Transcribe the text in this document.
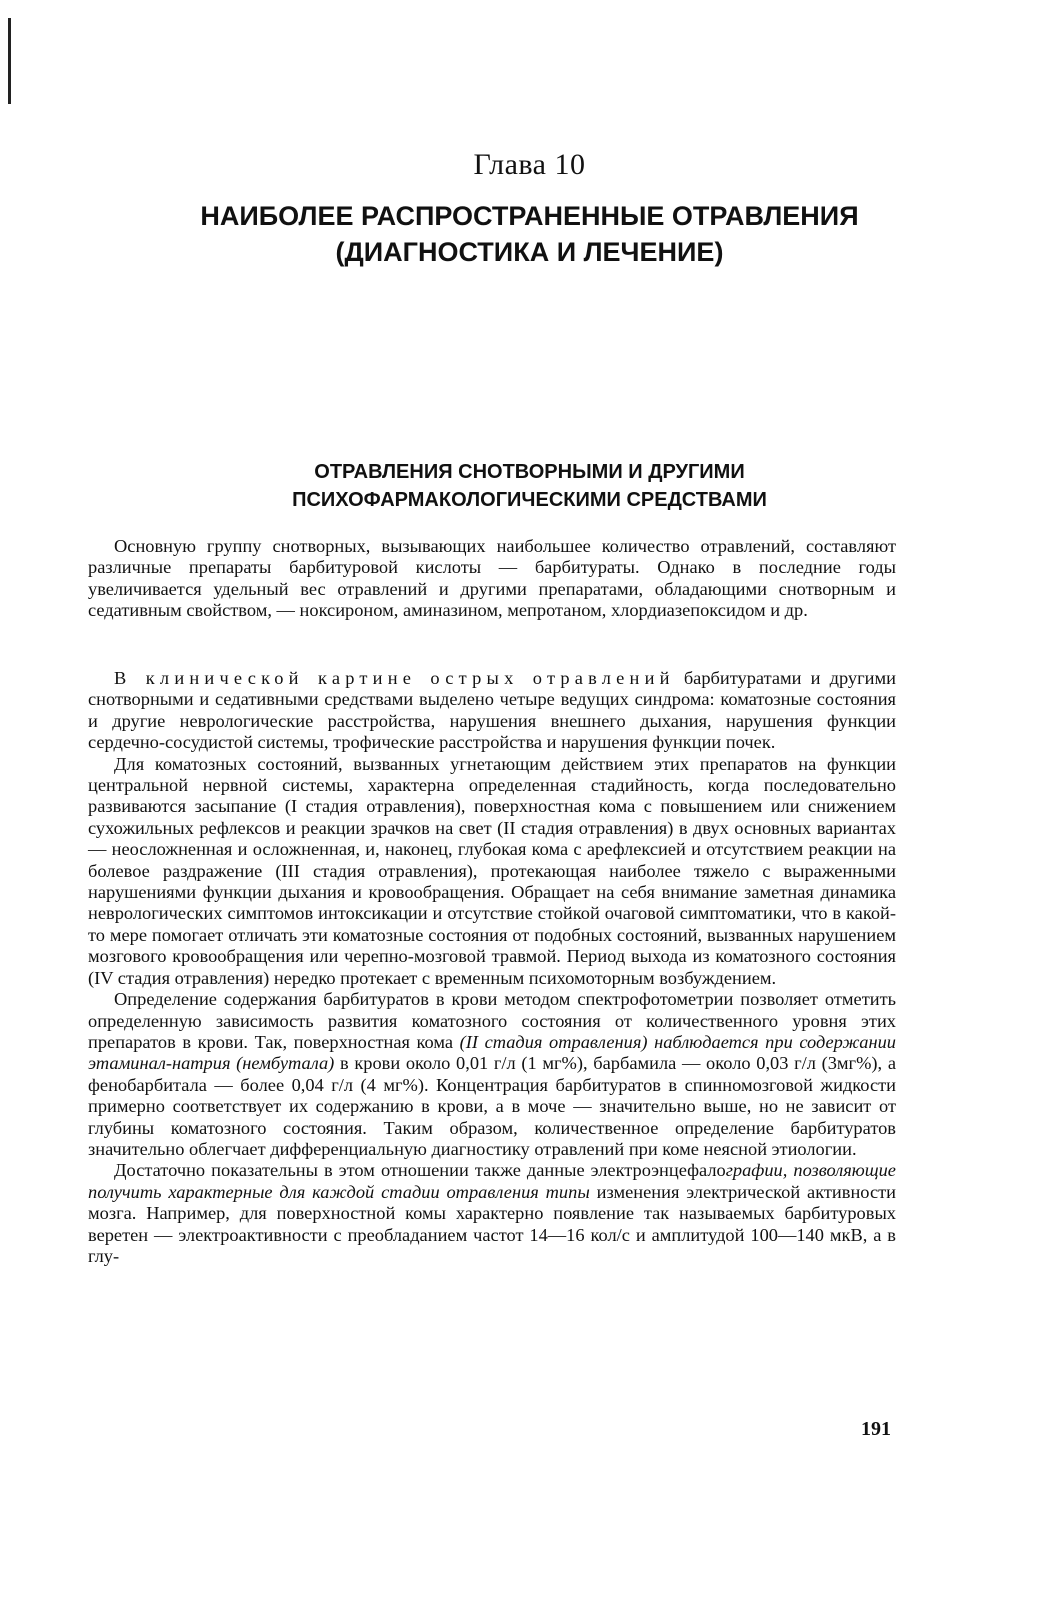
Глава 10
НАИБОЛЕЕ РАСПРОСТРАНЕННЫЕ ОТРАВЛЕНИЯ
(ДИАГНОСТИКА И ЛЕЧЕНИЕ)
ОТРАВЛЕНИЯ СНОТВОРНЫМИ И ДРУГИМИ
ПСИХОФАРМАКОЛОГИЧЕСКИМИ СРЕДСТВАМИ

Основную группу снотворных, вызывающих наибольшее количество отравлений, составляют различные препараты барбитуровой кислоты — барбитураты. Однако в последние годы увеличивается удельный вес отравлений и другими препаратами, обладающими снотворным и седативным свойством, — ноксироном, аминазином, мепротаном, хлордиазепоксидом и др.

В клинической картине острых отравлений барбитуратами и другими снотворными и седативными средствами выделено четыре ведущих синдрома: коматозные состояния и другие неврологические расстройства, нарушения внешнего дыхания, нарушения функции сердечно-сосудистой системы, трофические расстройства и нарушения функции почек.

Для коматозных состояний, вызванных угнетающим действием этих препаратов на функции центральной нервной системы, характерна определенная стадийность, когда последовательно развиваются засыпание (I стадия отравления), поверхностная кома с повышением или снижением сухожильных рефлексов и реакции зрачков на свет (II стадия отравления) в двух основных вариантах — неосложненная и осложненная, и, наконец, глубокая кома с арефлексией и отсутствием реакции на болевое раздражение (III стадия отравления), протекающая наиболее тяжело с выраженными нарушениями функции дыхания и кровообращения. Обращает на себя внимание заметная динамика неврологических симптомов интоксикации и отсутствие стойкой очаговой симптоматики, что в какой-то мере помогает отличать эти коматозные состояния от подобных состояний, вызванных нарушением мозгового кровообращения или черепно-мозговой травмой. Период выхода из коматозного состояния (IV стадия отравления) нередко протекает с временным психомоторным возбуждением.

Определение содержания барбитуратов в крови методом спектрофотометрии позволяет отметить определенную зависимость развития коматозного состояния от количественного уровня этих препаратов в крови. Так, поверхностная кома (II стадия отравления) наблюдается при содержании этаминал-натрия (нембутала) в крови около 0,01 г/л (1 мг%), барбамила — около 0,03 г/л (3мг%), а фенобарбитала — более 0,04 г/л (4 мг%). Концентрация барбитуратов в спинномозговой жидкости примерно соответствует их содержанию в крови, а в моче — значительно выше, но не зависит от глубины коматозного состояния. Таким образом, количественное определение барбитуратов значительно облегчает дифференциальную диагностику отравлений при коме неясной этиологии.

Достаточно показательны в этом отношении также данные электроэнцефалографии, позволяющие получить характерные для каждой стадии отравления типы изменения электрической активности мозга. Например, для поверхностной комы характерно появление так называемых барбитуровых веретен — электроактивности с преобладанием частот 14—16 кол/с и амплитудой 100—140 мкВ, а в глу-

191
